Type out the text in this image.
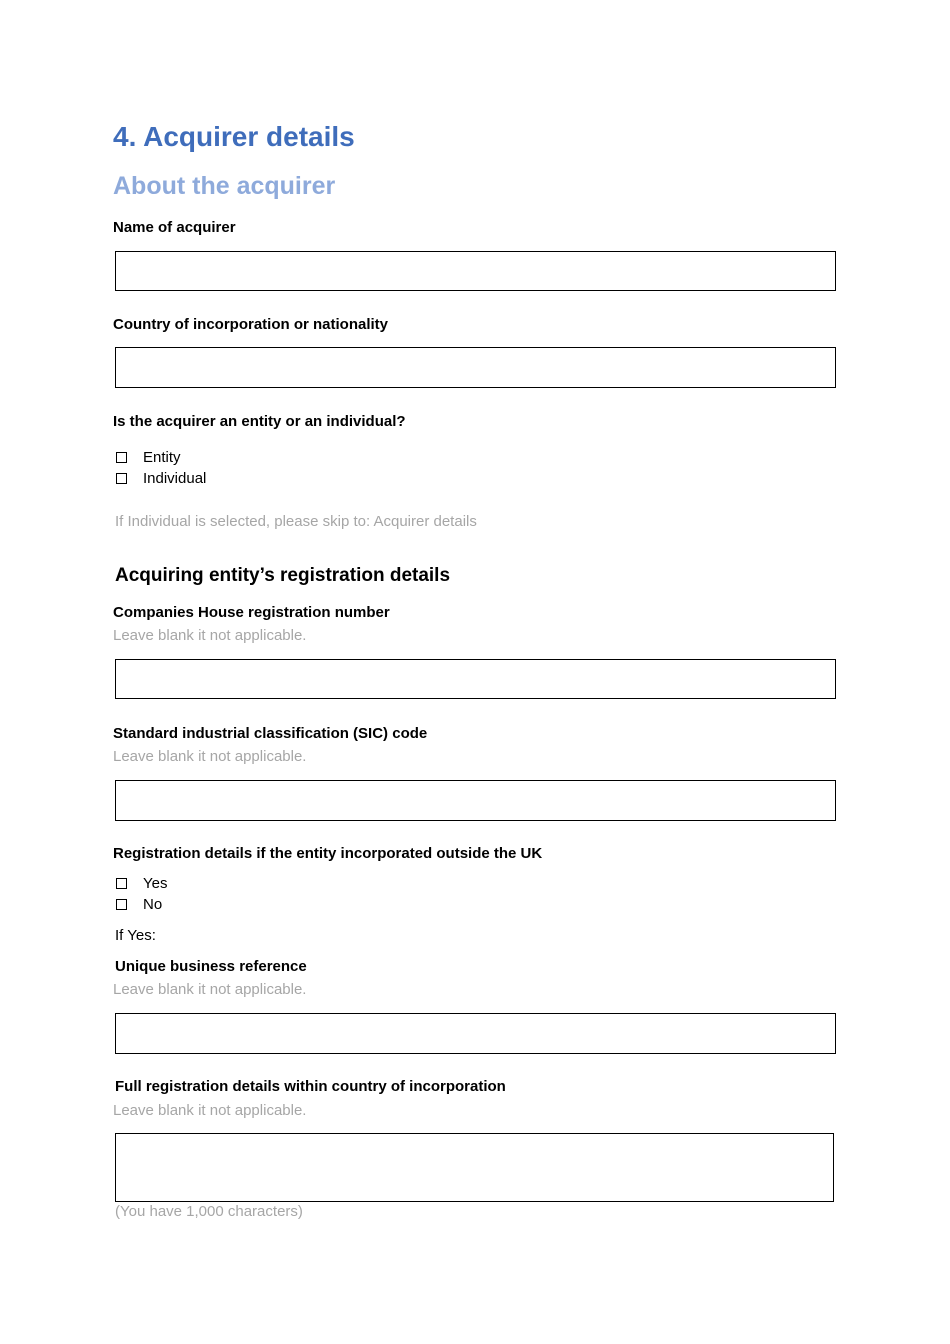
4. Acquirer details
About the acquirer
Name of acquirer
Country of incorporation or nationality
Is the acquirer an entity or an individual?
Entity
Individual
If Individual is selected, please skip to: Acquirer details
Acquiring entity’s registration details
Companies House registration number
Leave blank it not applicable.
Standard industrial classification (SIC) code
Leave blank it not applicable.
Registration details if the entity incorporated outside the UK
Yes
No
If Yes:
Unique business reference
Leave blank it not applicable.
Full registration details within country of incorporation
Leave blank it not applicable.
(You have 1,000 characters)
